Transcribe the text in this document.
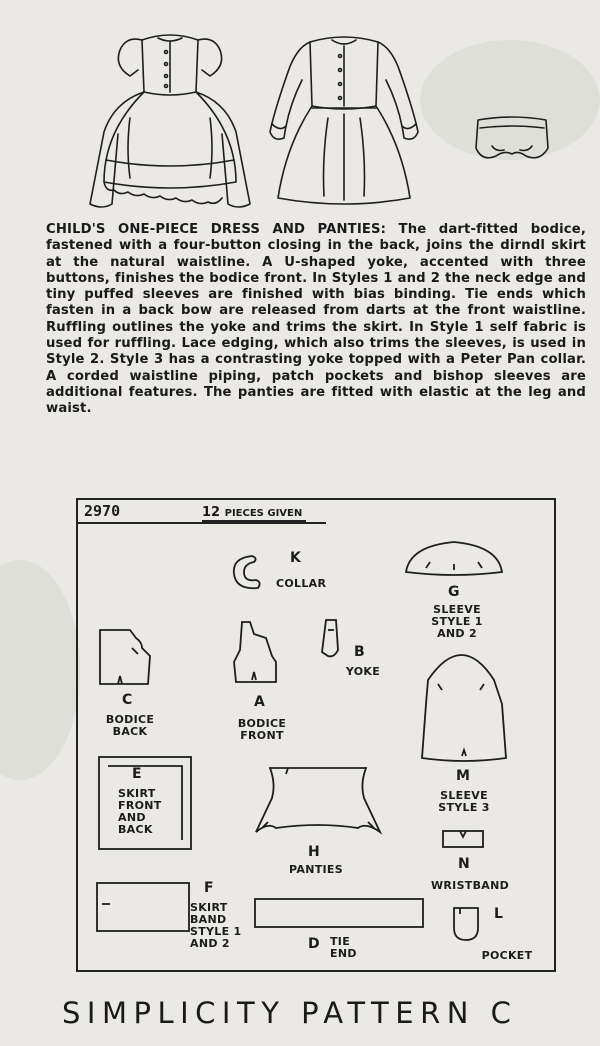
CHILD'S ONE-PIECE DRESS AND PANTIES: The dart-fitted bodice, fastened with a four-button closing in the back, joins the dirndl skirt at the natural waistline. A U-shaped yoke, accented with three buttons, finishes the bodice front. In Styles 1 and 2 the neck edge and tiny puffed sleeves are finished with bias binding. Tie ends which fasten in a back bow are released from darts at the front waistline. Ruffling outlines the yoke and trims the skirt. In Style 1 self fabric is used for ruffling. Lace edging, which also trims the sleeves, is used in Style 2. Style 3 has a contrasting yoke topped with a Peter Pan collar. A corded waistline piping, patch pockets and bishop sleeves are additional features. The panties are fitted with elastic at the leg and waist.

2970	12 PIECES GIVEN
K
COLLAR
G
SLEEVE
STYLE 1
AND 2
B
YOKE
C
BODICE
BACK
A
BODICE
FRONT
M
SLEEVE
STYLE 3
E
SKIRT
FRONT
AND
BACK
H
PANTIES	N
WRISTBAND
F
SKIRT
BAND
STYLE 1
AND 2	D TIE
END
L
POCKET
SIMPLICITY PATTERN C
